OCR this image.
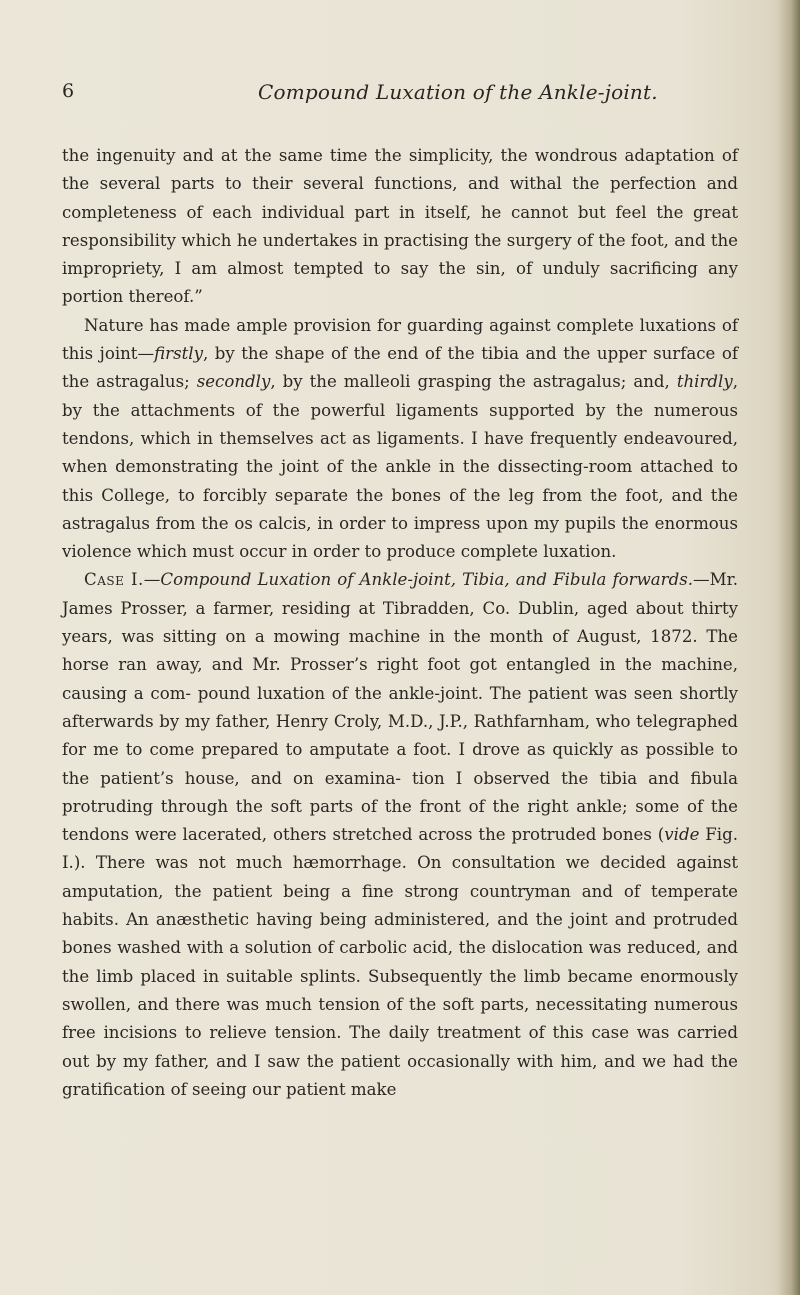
6	Compound Luxation of the Ankle-joint.

the ingenuity and at the same time the simplicity, the wondrous adaptation of the several parts to their several functions, and withal the perfection and completeness of each individual part in itself, he cannot but feel the great responsibility which he undertakes in practising the surgery of the foot, and the impropriety, I am almost tempted to say the sin, of unduly sacrificing any portion thereof.”

Nature has made ample provision for guarding against complete luxations of this joint—firstly, by the shape of the end of the tibia and the upper surface of the astragalus; secondly, by the malleoli grasping the astragalus; and, thirdly, by the attachments of the powerful ligaments supported by the numerous tendons, which in themselves act as ligaments. I have frequently endeavoured, when demonstrating the joint of the ankle in the dissecting-room attached to this College, to forcibly separate the bones of the leg from the foot, and the astragalus from the os calcis, in order to impress upon my pupils the enormous violence which must occur in order to produce complete luxation.

Case I.—Compound Luxation of Ankle-joint, Tibia, and Fibula forwards.—Mr. James Prosser, a farmer, residing at Tibradden, Co. Dublin, aged about thirty years, was sitting on a mowing machine in the month of August, 1872. The horse ran away, and Mr. Prosser’s right foot got entangled in the machine, causing a com- pound luxation of the ankle-joint. The patient was seen shortly afterwards by my father, Henry Croly, M.D., J.P., Rathfarnham, who telegraphed for me to come prepared to amputate a foot. I drove as quickly as possible to the patient’s house, and on examina- tion I observed the tibia and fibula protruding through the soft parts of the front of the right ankle; some of the tendons were lacerated, others stretched across the protruded bones (vide Fig. I.). There was not much hæmorrhage. On consultation we decided against amputation, the patient being a fine strong countryman and of temperate habits. An anæsthetic having being administered, and the joint and protruded bones washed with a solution of carbolic acid, the dislocation was reduced, and the limb placed in suitable splints. Subsequently the limb became enormously swollen, and there was much tension of the soft parts, necessitating numerous free incisions to relieve tension. The daily treatment of this case was carried out by my father, and I saw the patient occasionally with him, and we had the gratification of seeing our patient make
